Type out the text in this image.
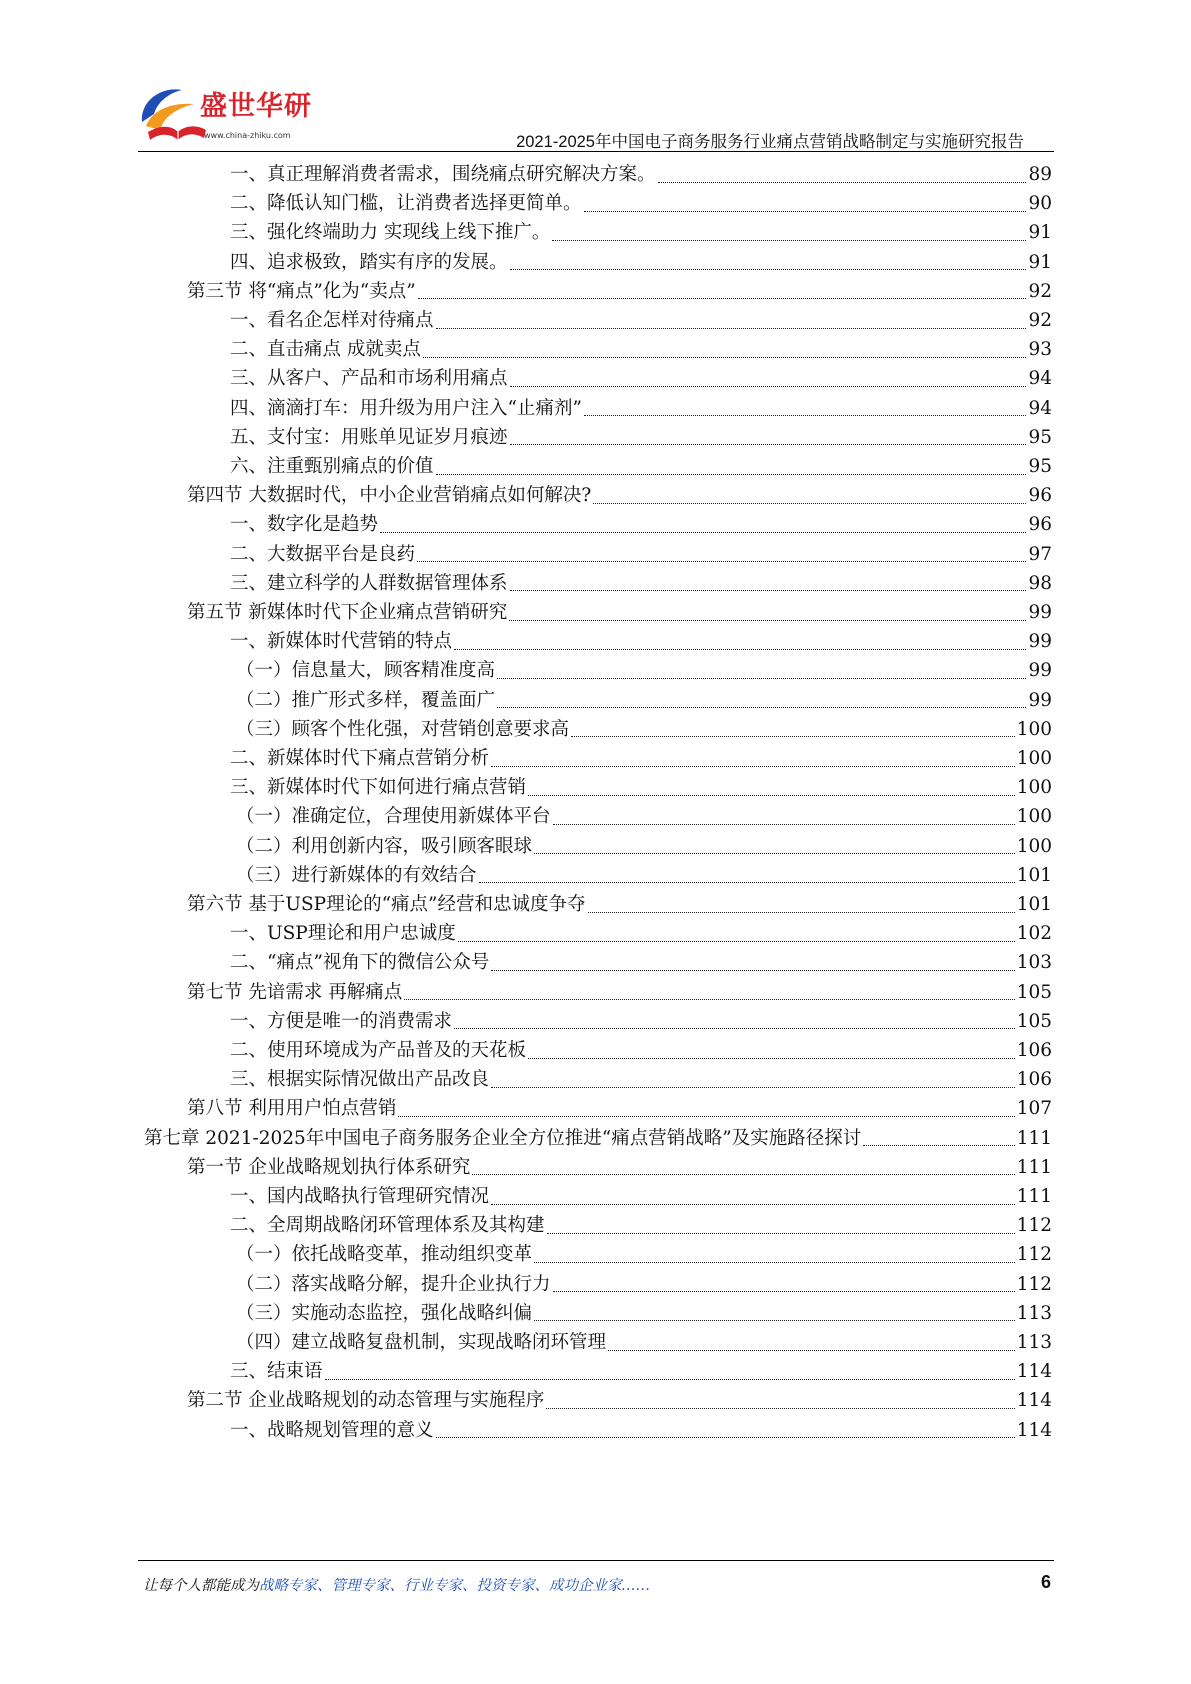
盛世华研
www.china-zhiku.com	2021-2025年中国电子商务服务行业痛点营销战略制定与实施研究报告
一、真正理解消费者需求，围绕痛点研究解决方案。	89
二、降低认知门槛，让消费者选择更简单。	90
三、强化终端助力 实现线上线下推广。	91
四、追求极致，踏实有序的发展。	91
第三节 将“痛点”化为“卖点”	92
一、看名企怎样对待痛点	92
二、直击痛点 成就卖点	93
三、从客户、产品和市场利用痛点	94
四、滴滴打车：用升级为用户注入“止痛剂”	94
五、支付宝：用账单见证岁月痕迹	95
六、注重甄别痛点的价值	95
第四节 大数据时代，中小企业营销痛点如何解决?	96
一、数字化是趋势	96
二、大数据平台是良药	97
三、建立科学的人群数据管理体系	98
第五节 新媒体时代下企业痛点营销研究	99
一、新媒体时代营销的特点	99
（一）信息量大，顾客精准度高	99
（二）推广形式多样，覆盖面广	99
（三）顾客个性化强，对营销创意要求高	100
二、新媒体时代下痛点营销分析	100
三、新媒体时代下如何进行痛点营销	100
（一）准确定位，合理使用新媒体平台	100
（二）利用创新内容，吸引顾客眼球	100
（三）进行新媒体的有效结合	101
第六节 基于USP理论的“痛点”经营和忠诚度争夺	101
一、USP理论和用户忠诚度	102
二、“痛点”视角下的微信公众号	103
第七节 先谙需求 再解痛点	105
一、方便是唯一的消费需求	105
二、使用环境成为产品普及的天花板	106
三、根据实际情况做出产品改良	106
第八节 利用用户怕点营销	107
第七章 2021-2025年中国电子商务服务企业全方位推进“痛点营销战略”及实施路径探讨	111
第一节 企业战略规划执行体系研究	111
一、国内战略执行管理研究情况	111
二、全周期战略闭环管理体系及其构建	112
（一）依托战略变革，推动组织变革	112
（二）落实战略分解，提升企业执行力	112
（三）实施动态监控，强化战略纠偏	113
（四）建立战略复盘机制，实现战略闭环管理	113
三、结束语	114
第二节 企业战略规划的动态管理与实施程序	114
一、战略规划管理的意义	114
让每个人都能成为战略专家、管理专家、行业专家、投资专家、成功企业家……	6
